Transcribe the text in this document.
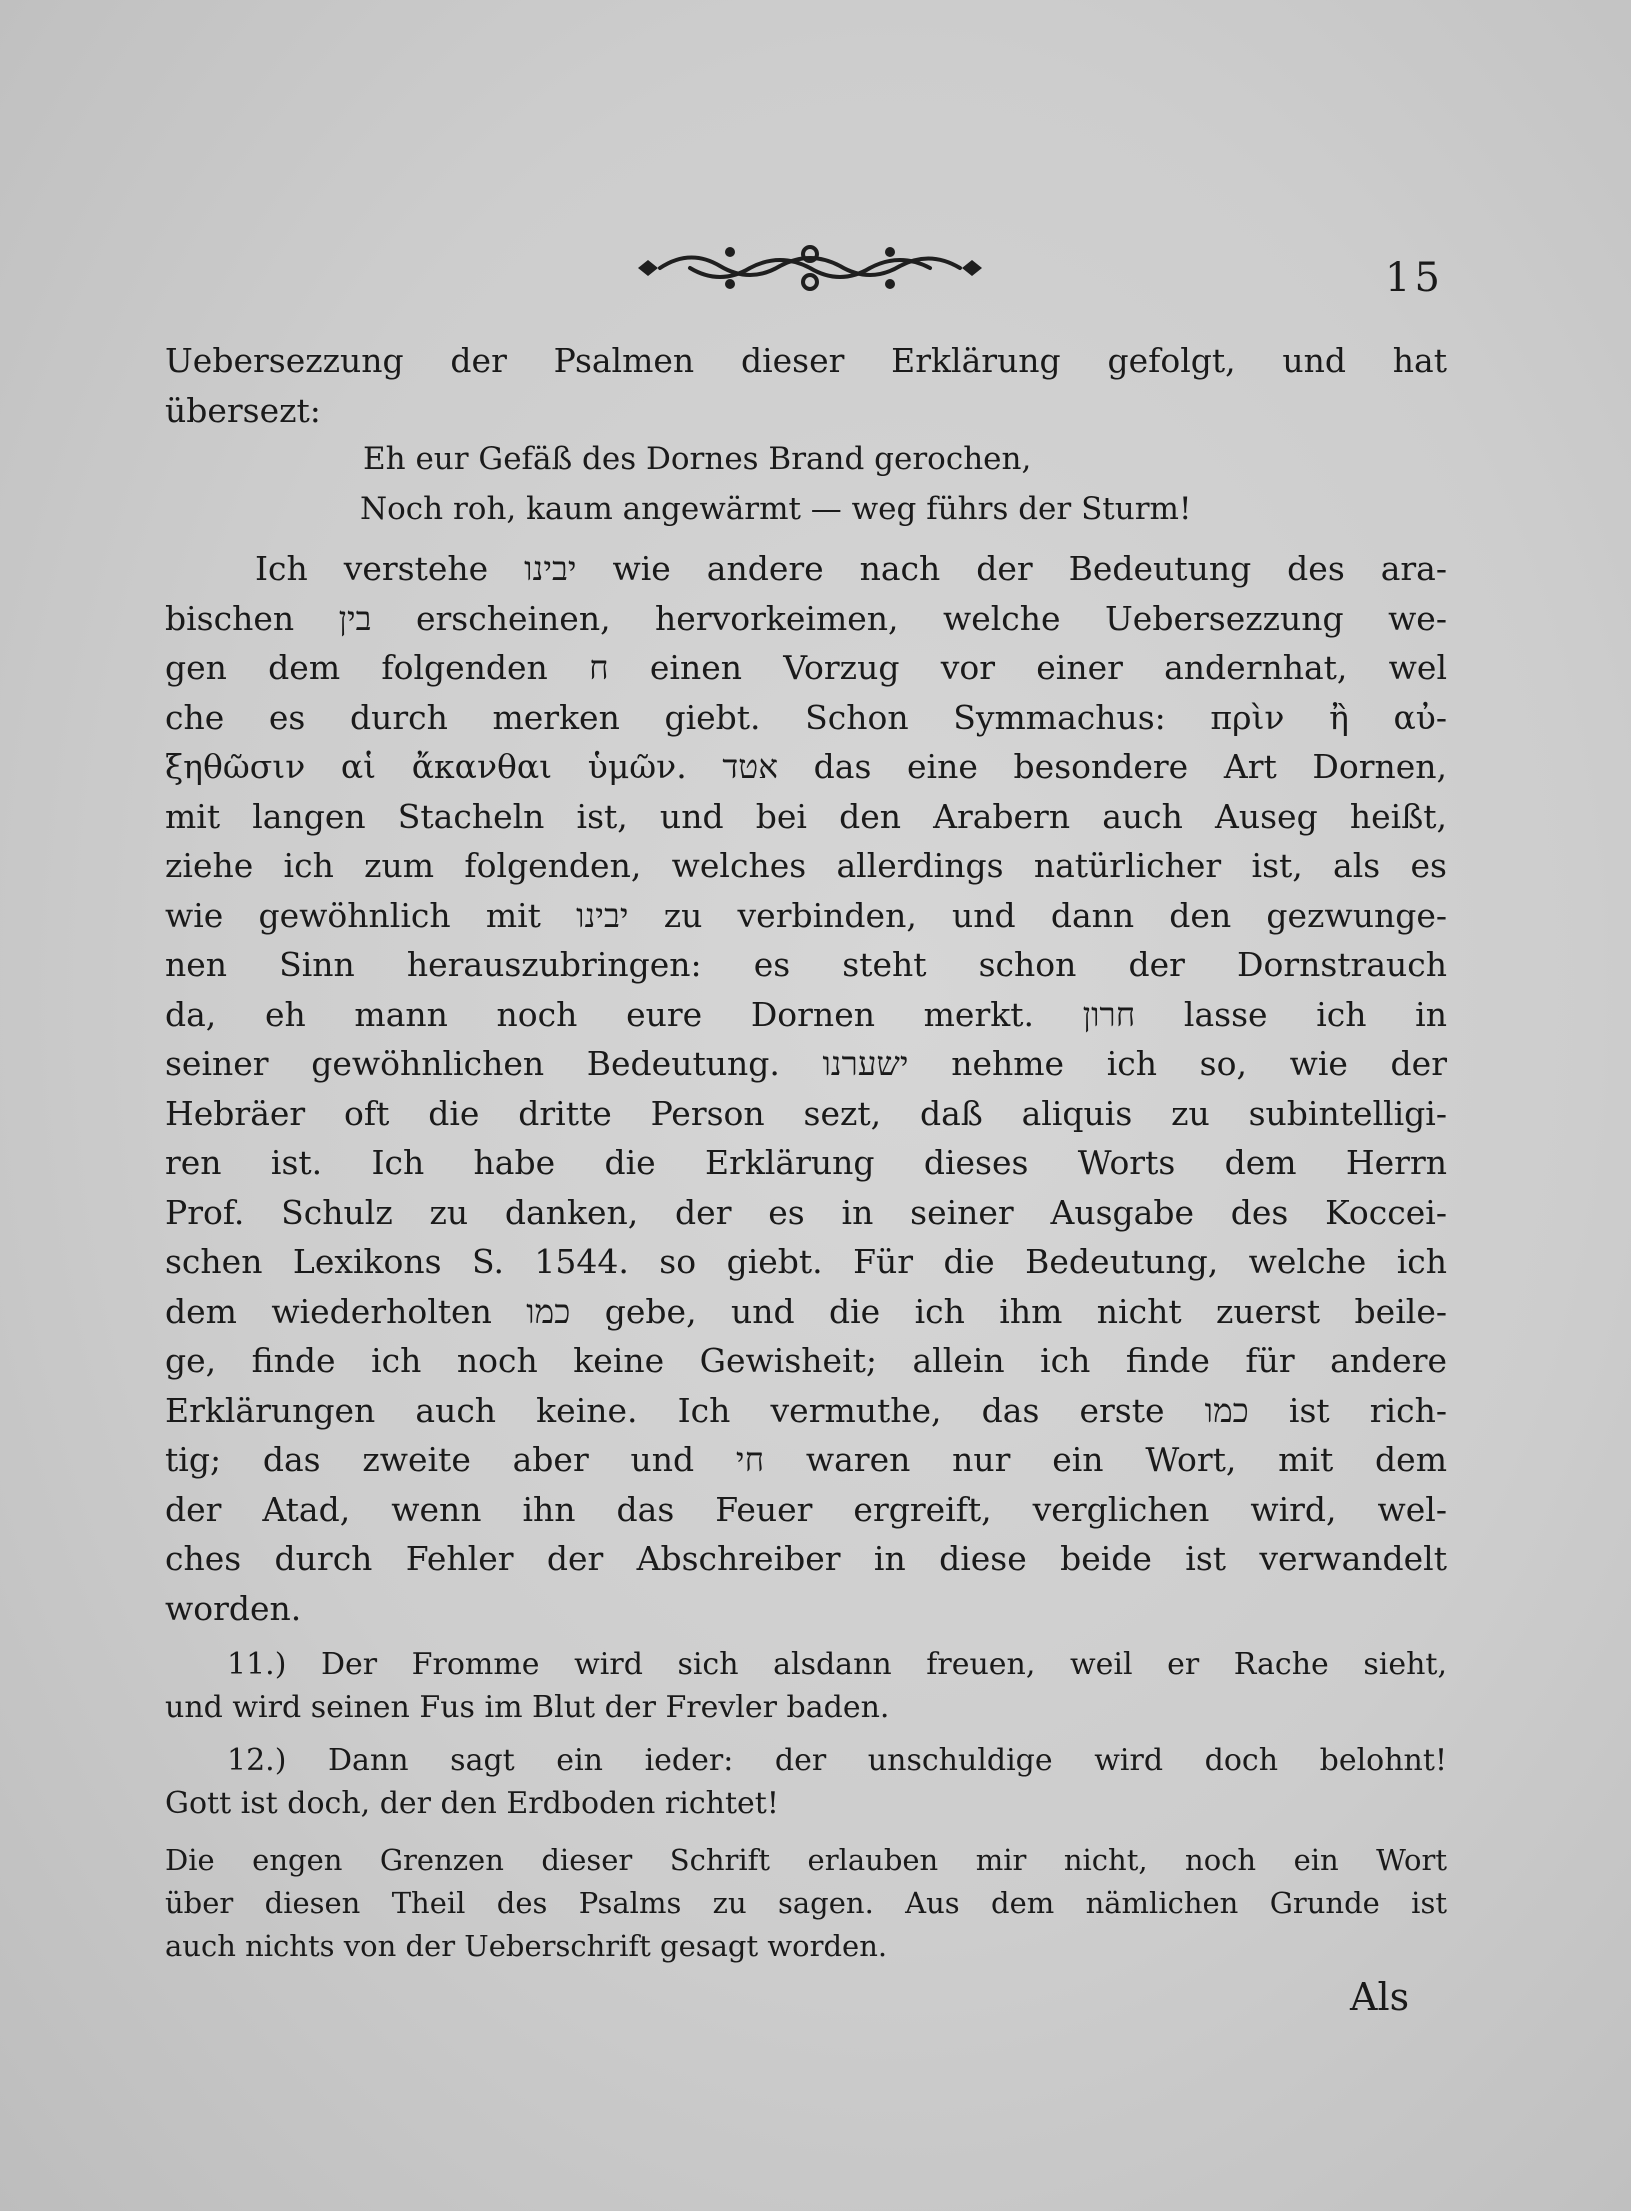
15
Uebersezzung der Psalmen dieser Erklärung gefolgt, und hat
übersezt:
Eh eur Gefäß des Dornes Brand gerochen,
Noch roh, kaum angewärmt — weg führs der Sturm!
Ich verstehe יבינו wie andere nach der Bedeutung des ara-
bischen בין erscheinen, hervorkeimen, welche Uebersezzung we-
gen dem folgenden ח einen Vorzug vor einer andernhat, wel
che es durch merken giebt. Schon Symmachus: πρὶν ἢ αὐ-
ξηθῶσιν αἱ ἄκανθαι ὑμῶν. אטד das eine besondere Art Dornen,
mit langen Stacheln ist, und bei den Arabern auch Auseg heißt,
ziehe ich zum folgenden, welches allerdings natürlicher ist, als es
wie gewöhnlich mit יבינו zu verbinden, und dann den gezwunge-
nen Sinn herauszubringen: es steht schon der Dornstrauch
da, eh mann noch eure Dornen merkt. חרון lasse ich in
seiner gewöhnlichen Bedeutung. ישערנו nehme ich so, wie der
Hebräer oft die dritte Person sezt, daß aliquis zu subintelligi-
ren ist. Ich habe die Erklärung dieses Worts dem Herrn
Prof. Schulz zu danken, der es in seiner Ausgabe des Koccei-
schen Lexikons S. 1544. so giebt. Für die Bedeutung, welche ich
dem wiederholten כמו gebe, und die ich ihm nicht zuerst beile-
ge, finde ich noch keine Gewisheit; allein ich finde für andere
Erklärungen auch keine. Ich vermuthe, das erste כמו ist rich-
tig; das zweite aber und חי waren nur ein Wort, mit dem
der Atad, wenn ihn das Feuer ergreift, verglichen wird, wel-
ches durch Fehler der Abschreiber in diese beide ist verwandelt
worden.
11.) Der Fromme wird sich alsdann freuen, weil er Rache sieht,
und wird seinen Fus im Blut der Frevler baden.
12.) Dann sagt ein ieder: der unschuldige wird doch belohnt!
Gott ist doch, der den Erdboden richtet!
Die engen Grenzen dieser Schrift erlauben mir nicht, noch ein Wort
über diesen Theil des Psalms zu sagen. Aus dem nämlichen Grunde ist
auch nichts von der Ueberschrift gesagt worden.
Als
